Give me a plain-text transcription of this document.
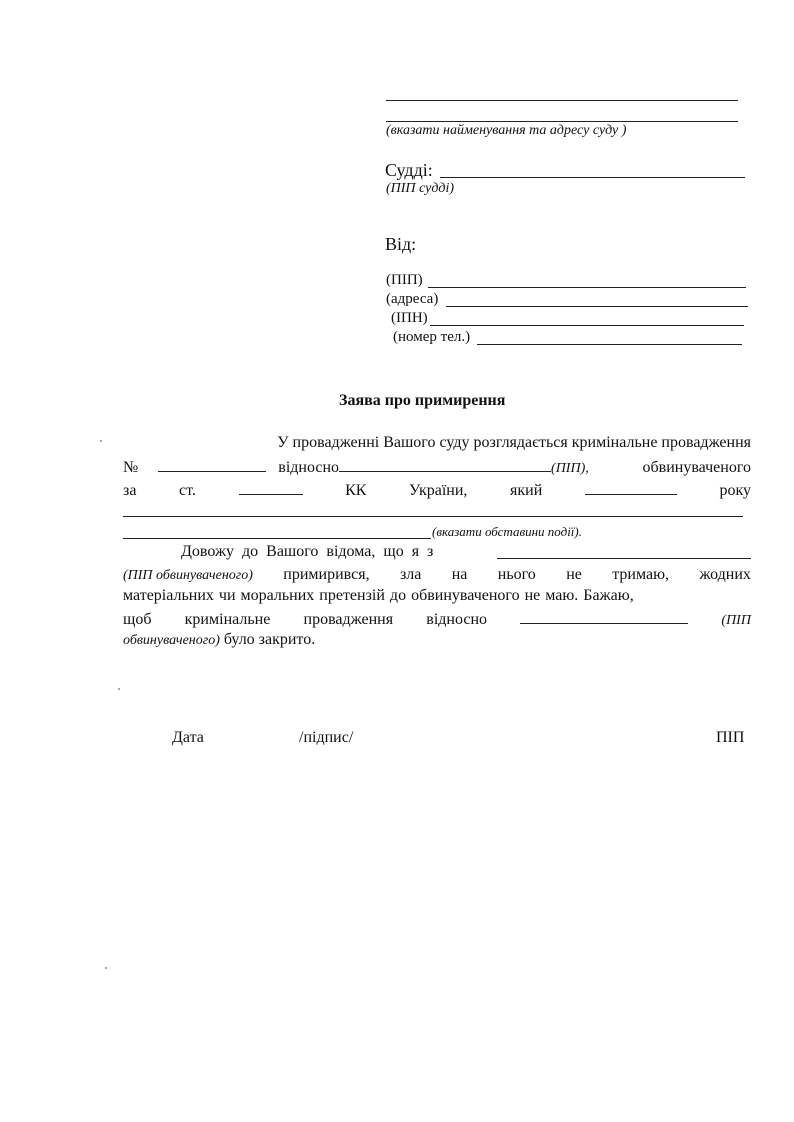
(вказати найменування та адресу суду )
Судді:
(ПІП судді)
Від:
(ПІП)
(адреса)
(ІПН)
(номер тел.)
Заява про примирення
У провадженні Вашого суду розглядається кримінальне провадження
№	відносно	(ПІП),	обвинуваченого
за	ст.	КК	України,	який	року
(вказати обставини події).
Довожу до Вашого відома, що я з
(ПІП обвинуваченого) примирився, зла на нього не тримаю, жодних
матеріальних чи моральних претензій до обвинуваченого не маю. Бажаю,
щоб кримінальне провадження відносно	(ПІП
обвинуваченого) було закрито.
Дата	/підпис/	ПІП
